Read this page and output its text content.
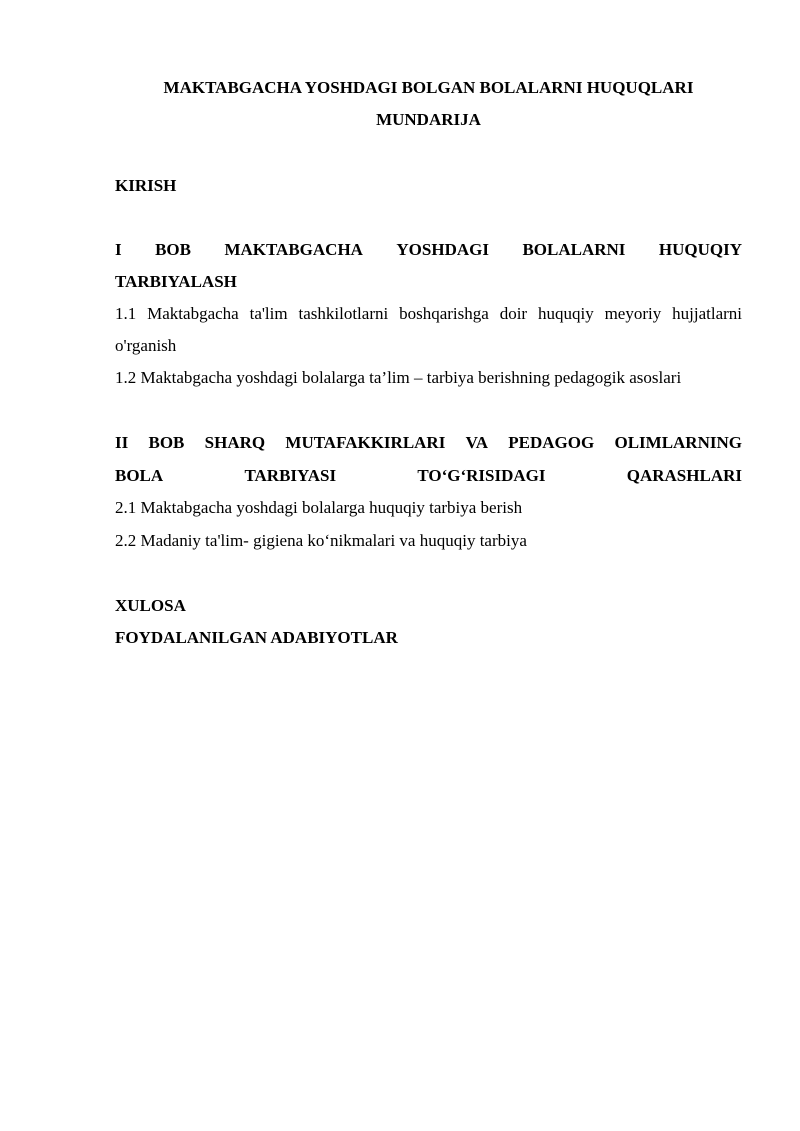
MAKTABGACHA YOSHDAGI BOLGAN BOLALARNI HUQUQLARI
MUNDARIJA
KIRISH
I BOB MAKTABGACHA YOSHDAGI BOLALARNI HUQUQIY
TARBIYALASH
1.1 Maktabgacha ta'lim tashkilotlarni boshqarishga doir huquqiy meyoriy hujjatlarni
o'rganish
1.2 Maktabgacha yoshdagi bolalarga ta’lim – tarbiya berishning pedagogik asoslari
II BOB SHARQ MUTAFAKKIRLARI VA PEDAGOG OLIMLARNING
BOLA	TARBIYASI	TO‘G‘RISIDAGI	QARASHLARI
2.1 Maktabgacha yoshdagi bolalarga huquqiy tarbiya berish
2.2 Madaniy ta'lim- gigiena ko‘nikmalari va huquqiy tarbiya
XULOSA
FOYDALANILGAN ADABIYOTLAR
